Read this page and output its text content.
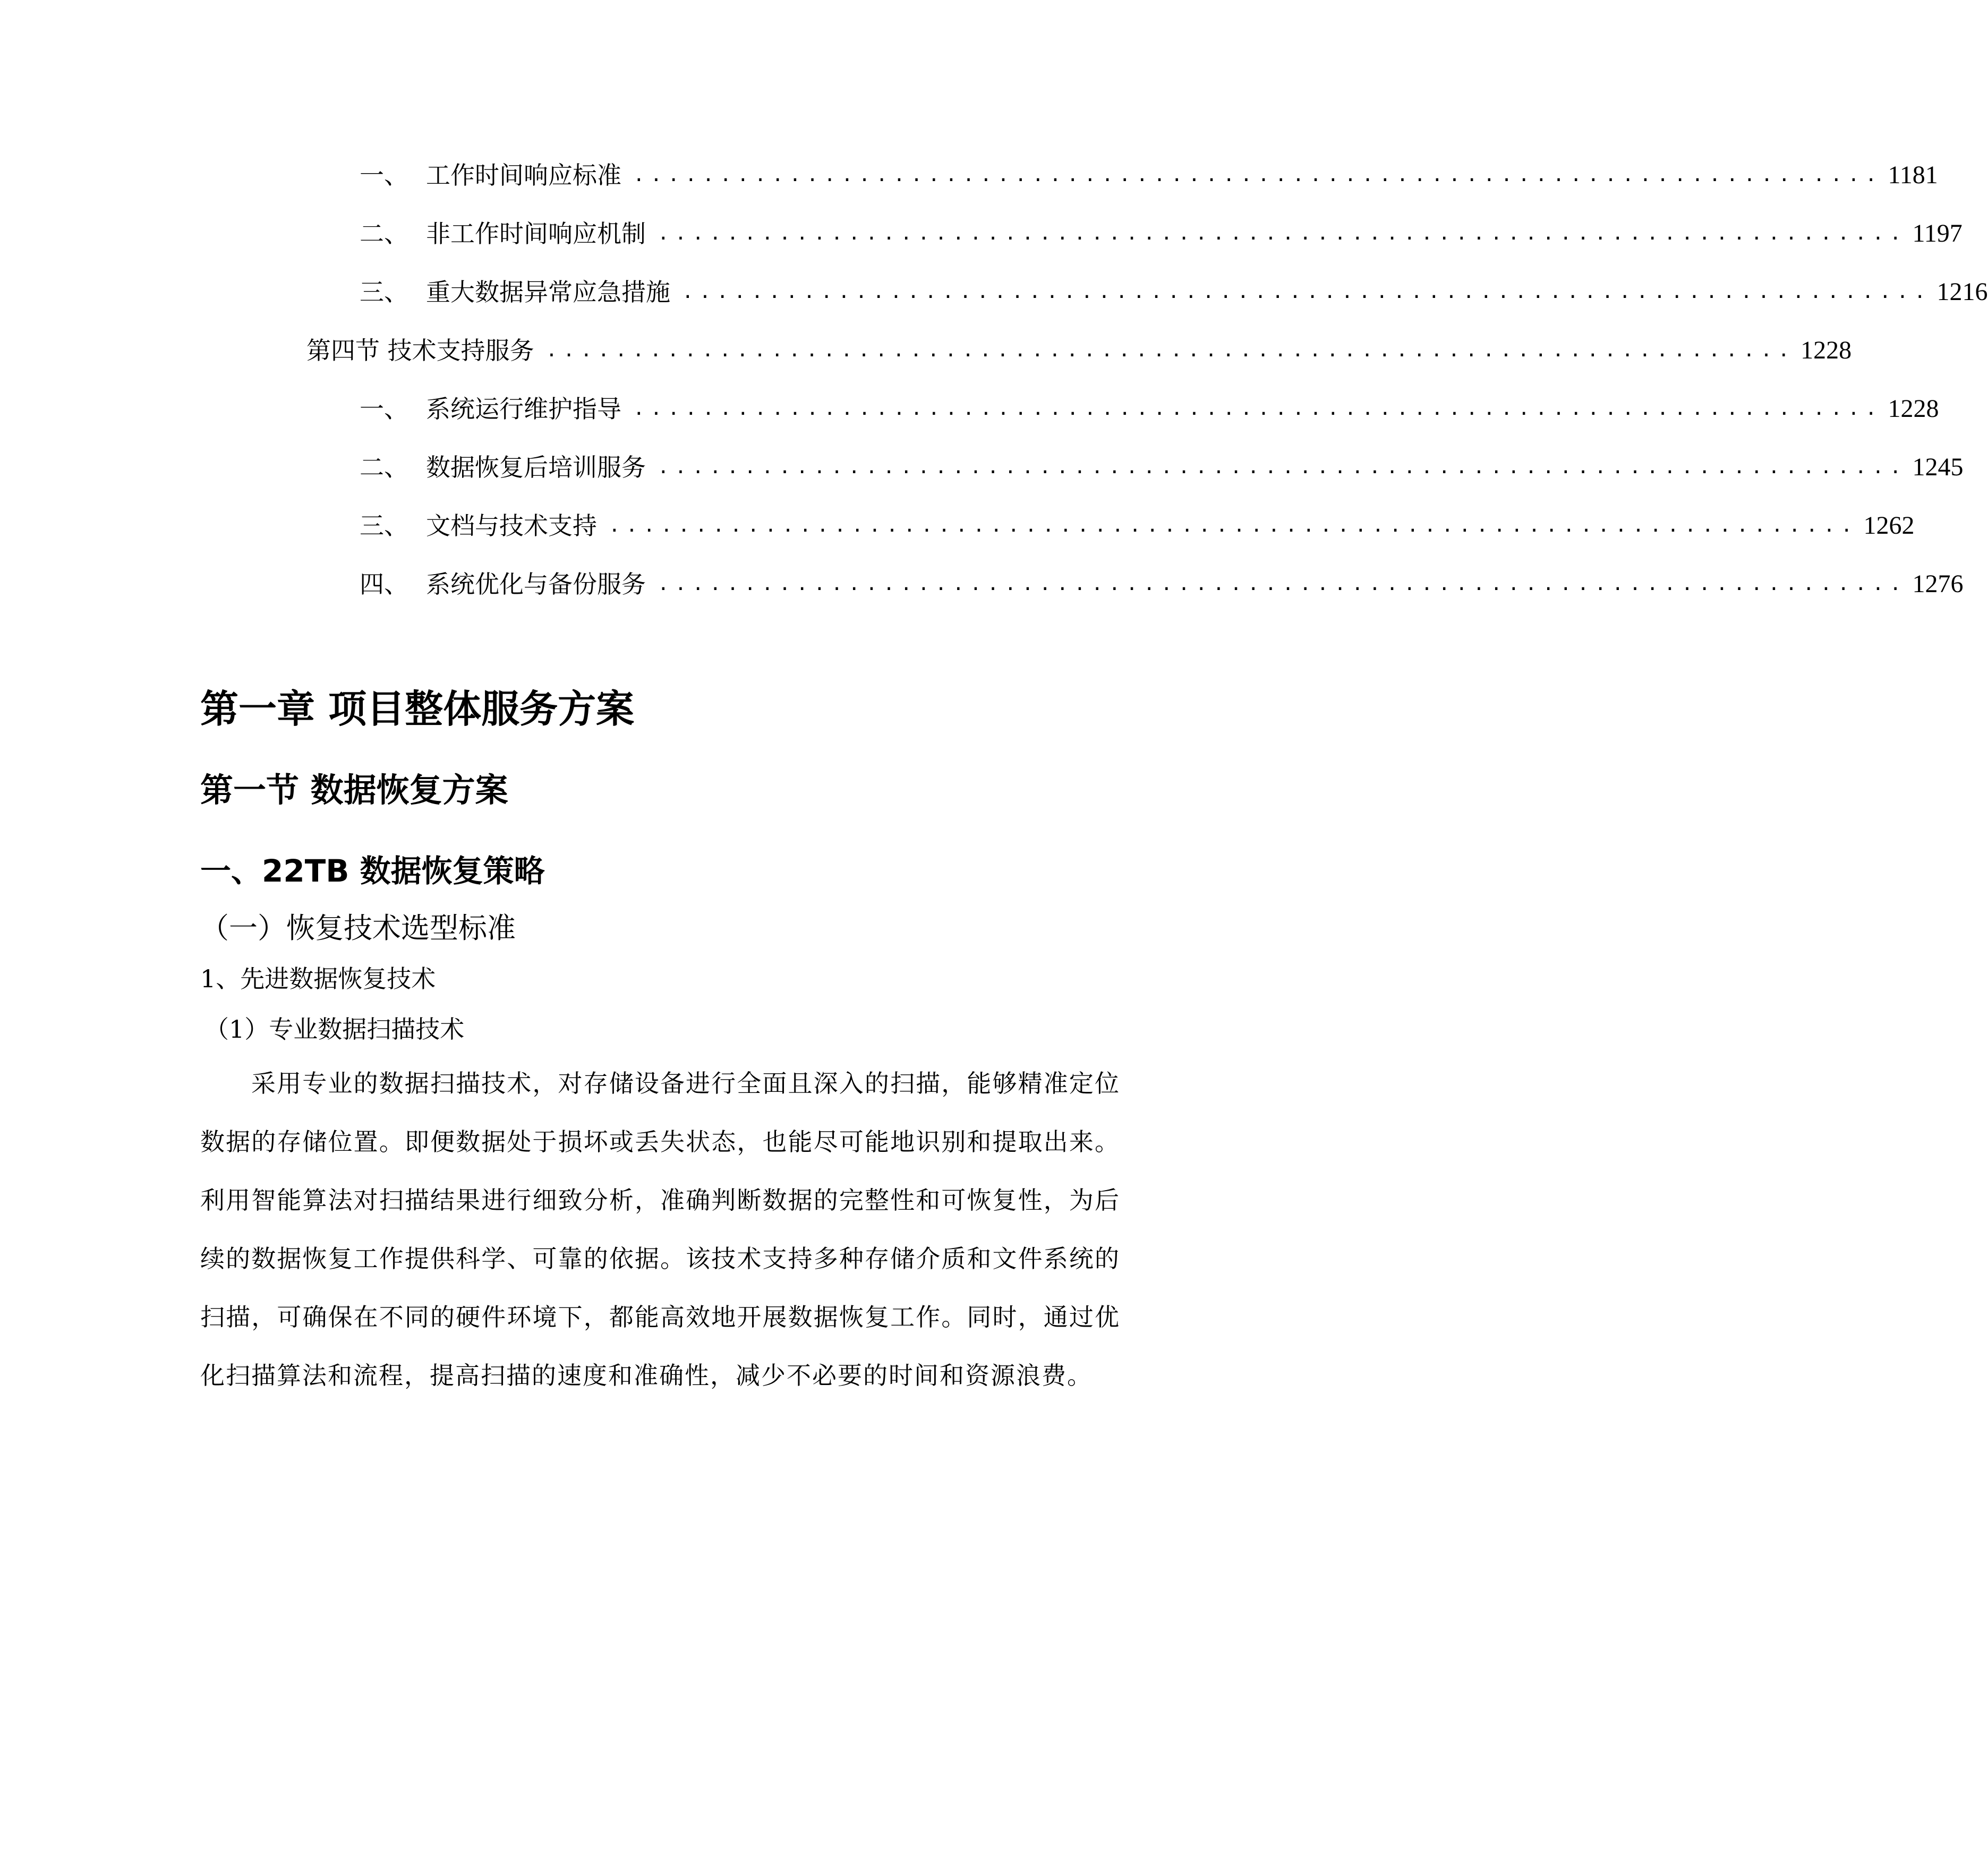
一、 工作时间响应标准 ........................................................................ 1181
二、 非工作时间响应机制 ........................................................................ 1197
三、 重大数据异常应急措施 ........................................................................ 1216
第四节 技术支持服务 ........................................................................ 1228
一、 系统运行维护指导 ........................................................................ 1228
二、 数据恢复后培训服务 ........................................................................ 1245
三、 文档与技术支持 ........................................................................ 1262
四、 系统优化与备份服务 ........................................................................ 1276
第一章 项目整体服务方案
第一节 数据恢复方案
一、22TB 数据恢复策略
（一）恢复技术选型标准
1、先进数据恢复技术
（1）专业数据扫描技术

采用专业的数据扫描技术，对存储设备进行全面且深入的扫描，能够精准定位数据的存储位置。即便数据处于损坏或丢失状态，也能尽可能地识别和提取出来。利用智能算法对扫描结果进行细致分析，准确判断数据的完整性和可恢复性，为后续的数据恢复工作提供科学、可靠的依据。该技术支持多种存储介质和文件系统的扫描，可确保在不同的硬件环境下，都能高效地开展数据恢复工作。同时，通过优化扫描算法和流程，提高扫描的速度和准确性，减少不必要的时间和资源浪费。
